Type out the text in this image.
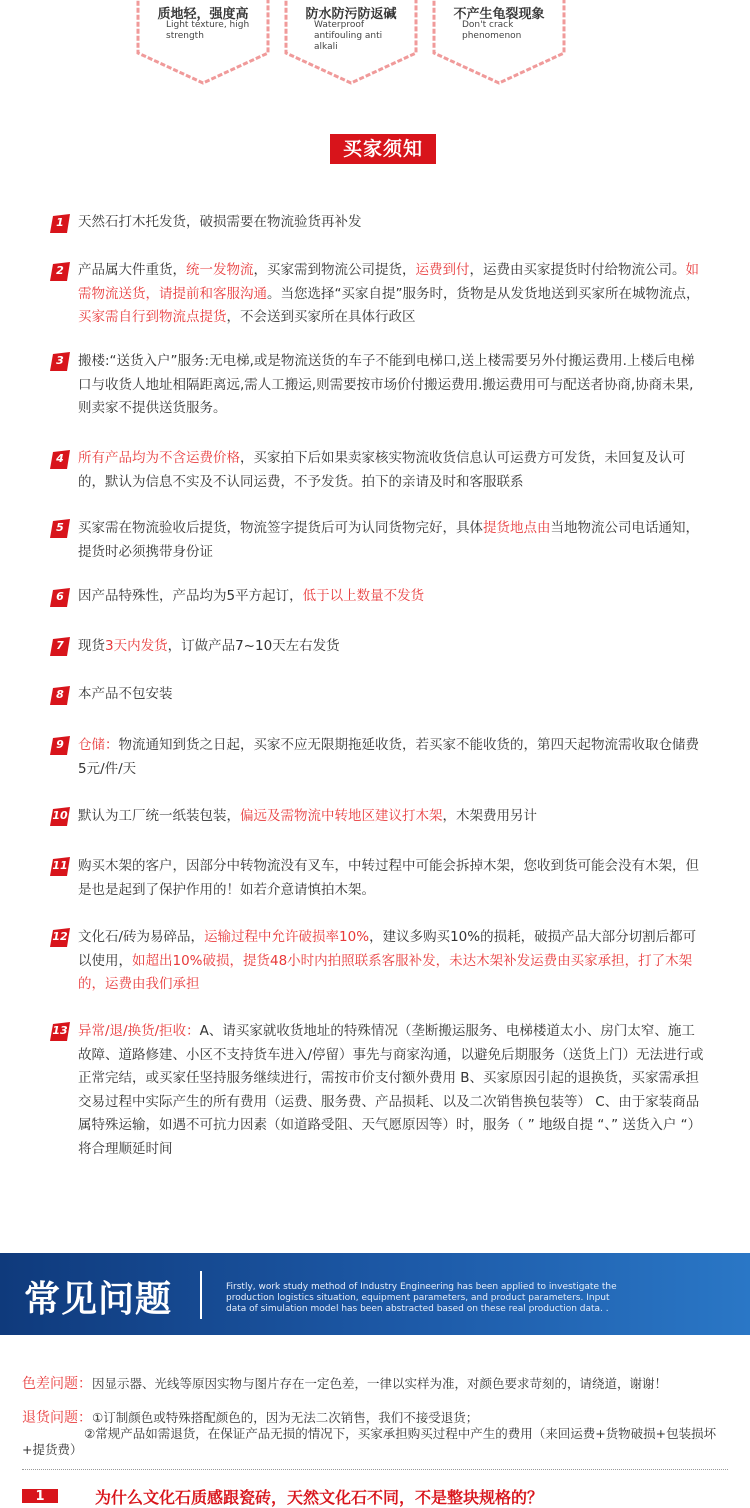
质地轻，强度高
Light texture, high strength
防水防污防返碱
Waterproof antifouling anti alkali
不产生龟裂现象
Don't crack phenomenon
买家须知
1	天然石打木托发货，破损需要在物流验货再补发
2	产品属大件重货，统一发物流，买家需到物流公司提货，运费到付，运费由买家提货时付给物流公司。如需物流送货，请提前和客服沟通。当您选择“买家自提”服务时，货物是从发货地送到买家所在城物流点，买家需自行到物流点提货，不会送到买家所在具体行政区
3	搬楼:“送货入户”服务:无电梯,或是物流送货的车子不能到电梯口,送上楼需要另外付搬运费用.上楼后电梯口与收货人地址相隔距离远,需人工搬运,则需要按市场价付搬运费用.搬运费用可与配送者协商,协商未果,则卖家不提供送货服务。
4	所有产品均为不含运费价格，买家拍下后如果卖家核实物流收货信息认可运费方可发货，未回复及认可的，默认为信息不实及不认同运费，不予发货。拍下的亲请及时和客服联系
5	买家需在物流验收后提货，物流签字提货后可为认同货物完好，具体提货地点由当地物流公司电话通知，提货时必须携带身份证
6	因产品特殊性，产品均为5平方起订，低于以上数量不发货
7	现货3天内发货，订做产品7~10天左右发货
8	本产品不包安装
9	仓储：物流通知到货之日起，买家不应无限期拖延收货，若买家不能收货的，第四天起物流需收取仓储费5元/件/天
10 默认为工厂统一纸装包装，偏远及需物流中转地区建议打木架，木架费用另计
11 购买木架的客户，因部分中转物流没有叉车，中转过程中可能会拆掉木架，您收到货可能会没有木架，但是也是起到了保护作用的！如若介意请慎拍木架。
12 文化石/砖为易碎品，运输过程中允许破损率10%，建议多购买10%的损耗，破损产品大部分切割后都可以使用，如超出10%破损，提货48小时内拍照联系客服补发，未达木架补发运费由买家承担，打了木架的，运费由我们承担
13 异常/退/换货/拒收：A、请买家就收货地址的特殊情况（垄断搬运服务、电梯楼道太小、房门太窄、施工故障、道路修建、小区不支持货车进入/停留）事先与商家沟通，以避免后期服务（送货上门）无法进行或正常完结，或买家任坚持服务继续进行，需按市价支付额外费用 B、买家原因引起的退换货，买家需承担交易过程中实际产生的所有费用（运费、服务费、产品损耗、以及二次销售换包装等） C、由于家装商品属特殊运输，如遇不可抗力因素（如道路受阻、天气愿原因等）时，服务（ ” 地级自提 “、” 送货入户 “）将合理顺延时间
常见问题	Firstly, work study method of Industry Engineering has been applied to investigate the production logistics situation, equipment parameters, and product parameters. Input data of simulation model has been abstracted based on these real production data. .
色差问题：因显示器、光线等原因实物与图片存在一定色差，一律以实样为准，对颜色要求苛刻的，请绕道，谢谢！
退货问题：①订制颜色或特殊搭配颜色的，因为无法二次销售，我们不接受退货；
②常规产品如需退货，在保证产品无损的情况下，买家承担购买过程中产生的费用（来回运费+货物破损+包装损坏+提货费）
1	为什么文化石质感跟瓷砖，天然文化石不同，不是整块规格的？
